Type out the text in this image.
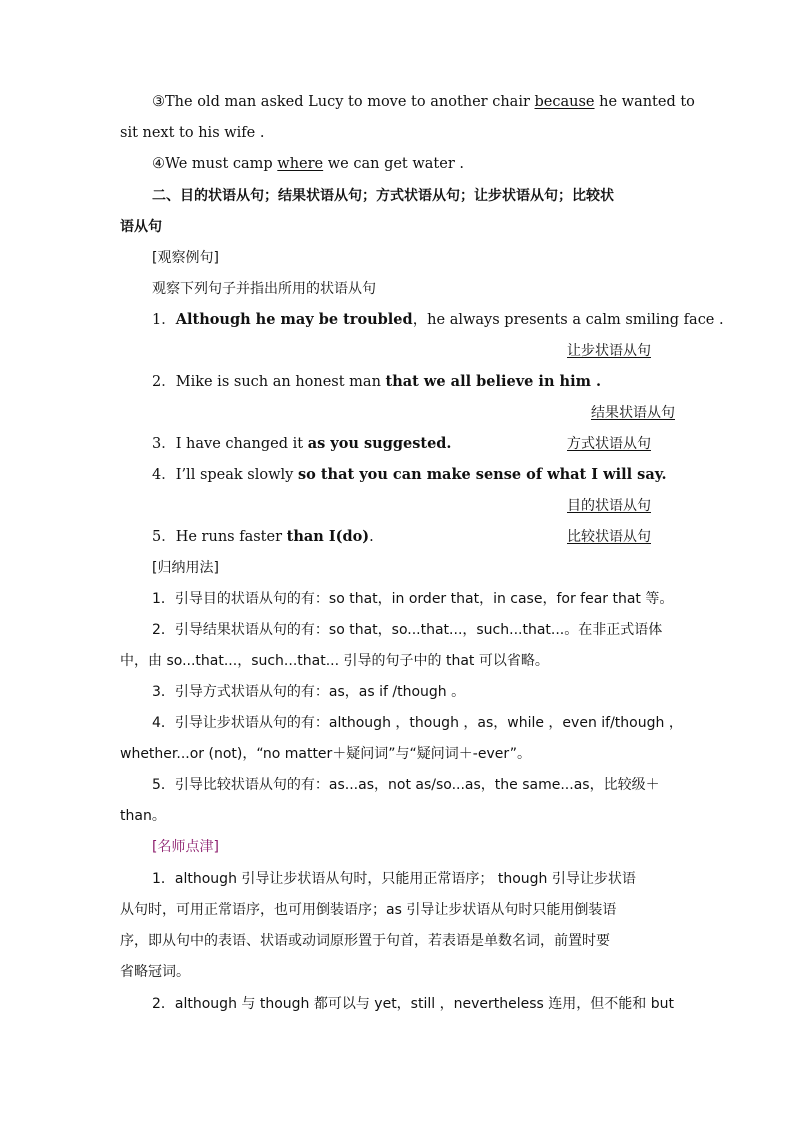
③The old man asked Lucy to move to another chair because he wanted to
sit next to his wife .
④We must camp where we can get water .
二、目的状语从句；结果状语从句；方式状语从句；让步状语从句；比较状
语从句
[观察例句]
观察下列句子并指出所用的状语从句
1．Although he may be troubled，he always presents a calm smiling face .
让步状语从句
2．Mike is such an honest man that we all believe in him .
结果状语从句
3．I have changed it as you suggested.	方式状语从句
4．I’ll speak slowly so that you can make sense of what I will say.
目的状语从句
5．He runs faster than I(do).	比较状语从句
[归纳用法]
1．引导目的状语从句的有：so that，in order that，in case，for fear that 等。
2．引导结果状语从句的有：so that，so...that...，such...that...。在非正式语体
中，由 so...that...，such...that... 引导的句子中的 that 可以省略。
3．引导方式状语从句的有：as，as if /though 。
4．引导让步状语从句的有：although ，though ，as，while ，even if/though ，
whether...or (not)，“no matter＋疑问词”与“疑问词＋-ever”。
5．引导比较状语从句的有：as...as，not as/so...as，the same...as，比较级＋
than。
[名师点津]
1．although 引导让步状语从句时，只能用正常语序； though 引导让步状语
从句时，可用正常语序，也可用倒装语序；as 引导让步状语从句时只能用倒装语
序，即从句中的表语、状语或动词原形置于句首，若表语是单数名词，前置时要
省略冠词。
2．although 与 though 都可以与 yet，still ，nevertheless 连用，但不能和 but
